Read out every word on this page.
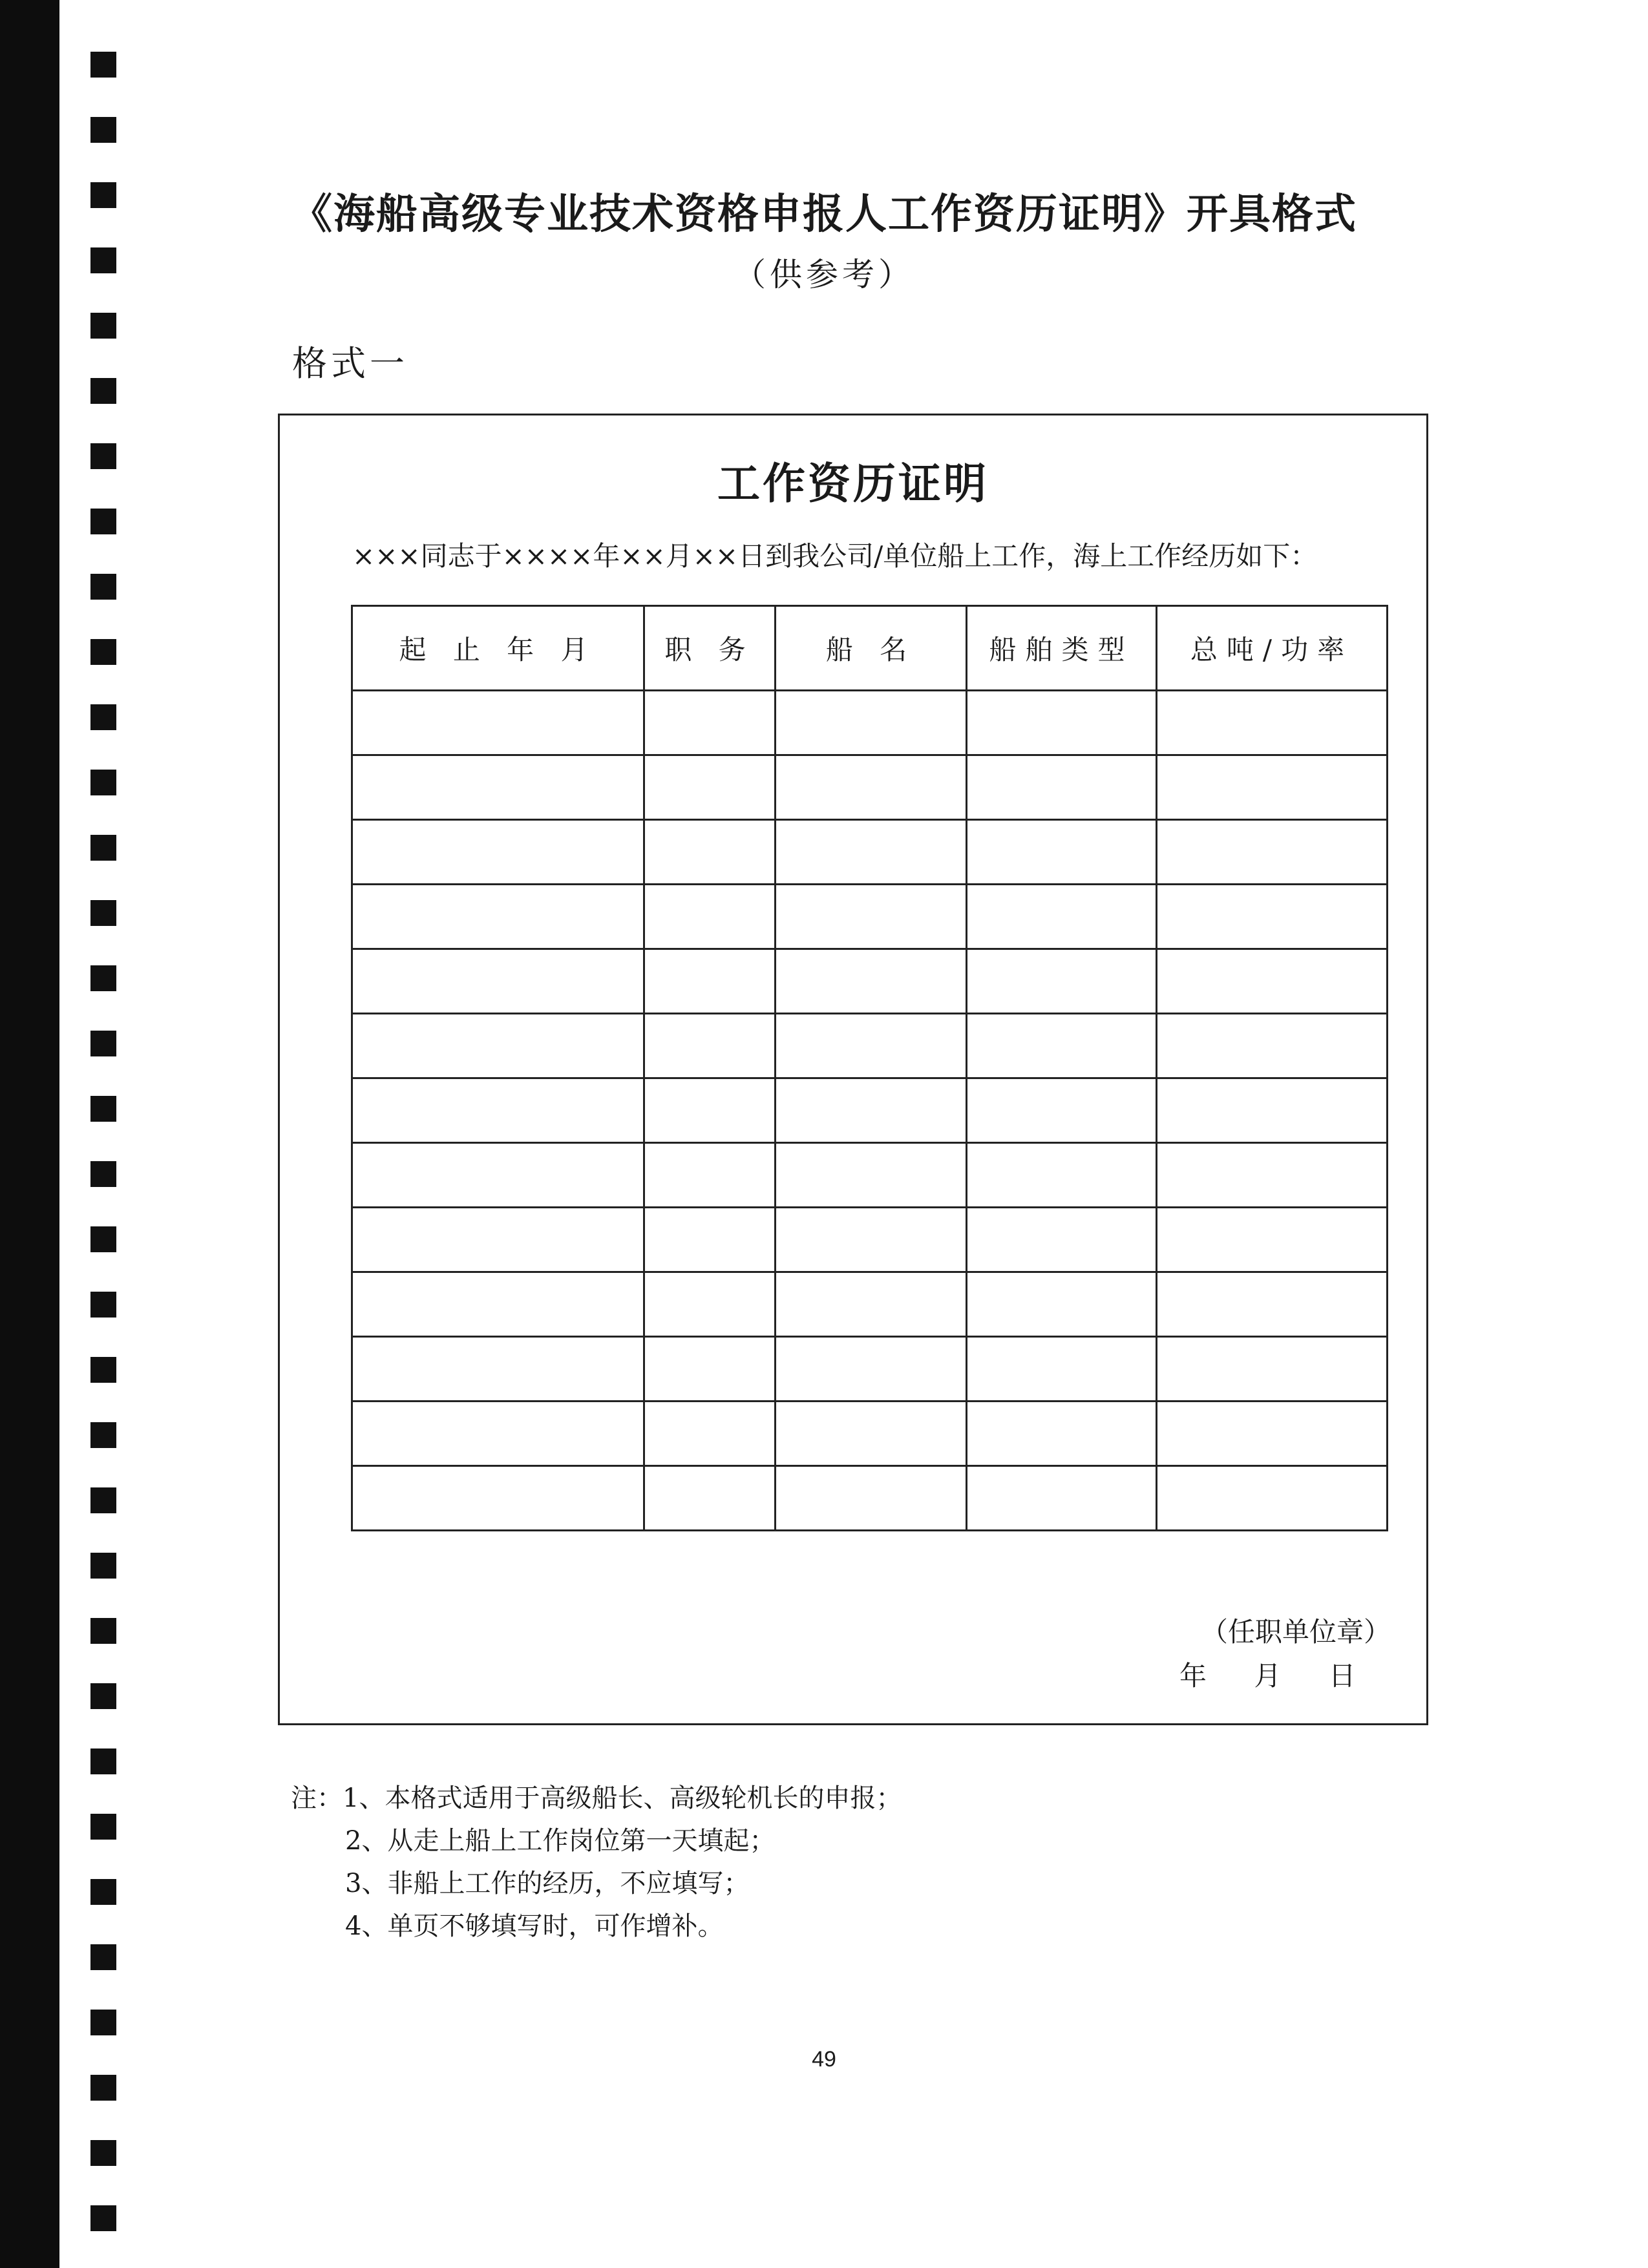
《海船高级专业技术资格申报人工作资历证明》开具格式
（供参考）
格式一
工作资历证明
×××同志于××××年××月××日到我公司/单位船上工作，海上工作经历如下：
起 止 年 月	职 务	船 名	船舶类型	总吨/功率

（任职单位章）
年 月 日
注：1、本格式适用于高级船长、高级轮机长的申报；
2、从走上船上工作岗位第一天填起；
3、非船上工作的经历，不应填写；
4、单页不够填写时，可作增补。
49
